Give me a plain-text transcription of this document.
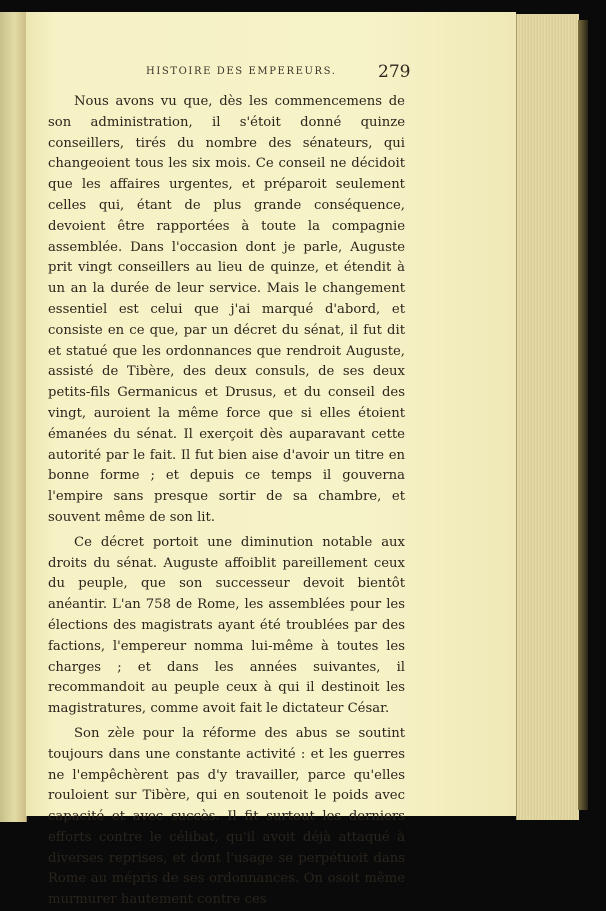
HISTOIRE DES EMPEREURS.	279

Nous avons vu que, dès les commencemens de son administration, il s'étoit donné quinze conseillers, tirés du nombre des sénateurs, qui changeoient tous les six mois. Ce conseil ne décidoit que les affaires urgentes, et préparoit seulement celles qui, étant de plus grande conséquence, devoient être rapportées à toute la compagnie assemblée. Dans l'occasion dont je parle, Auguste prit vingt conseillers au lieu de quinze, et étendit à un an la durée de leur service. Mais le changement essentiel est celui que j'ai marqué d'abord, et consiste en ce que, par un décret du sénat, il fut dit et statué que les ordonnances que rendroit Auguste, assisté de Tibère, des deux consuls, de ses deux petits-fils Germanicus et Drusus, et du conseil des vingt, auroient la même force que si elles étoient émanées du sénat. Il exerçoit dès auparavant cette autorité par le fait. Il fut bien aise d'avoir un titre en bonne forme ; et depuis ce temps il gouverna l'empire sans presque sortir de sa chambre, et souvent même de son lit.

Ce décret portoit une diminution notable aux droits du sénat. Auguste affoiblit pareillement ceux du peuple, que son successeur devoit bientôt anéantir. L'an 758 de Rome, les assemblées pour les élections des magistrats ayant été troublées par des factions, l'empereur nomma lui-même à toutes les charges ; et dans les années suivantes, il recommandoit au peuple ceux à qui il destinoit les magistratures, comme avoit fait le dictateur César.

Son zèle pour la réforme des abus se soutint toujours dans une constante activité : et les guerres ne l'empêchèrent pas d'y travailler, parce qu'elles rouloient sur Tibère, qui en soutenoit le poids avec capacité et avec succès. Il fit surtout les derniers efforts contre le célibat, qu'il avoit déjà attaqué à diverses reprises, et dont l'usage se perpétuoit dans Rome au mépris de ses ordonnances. On osoit même murmurer hautement contre ces
